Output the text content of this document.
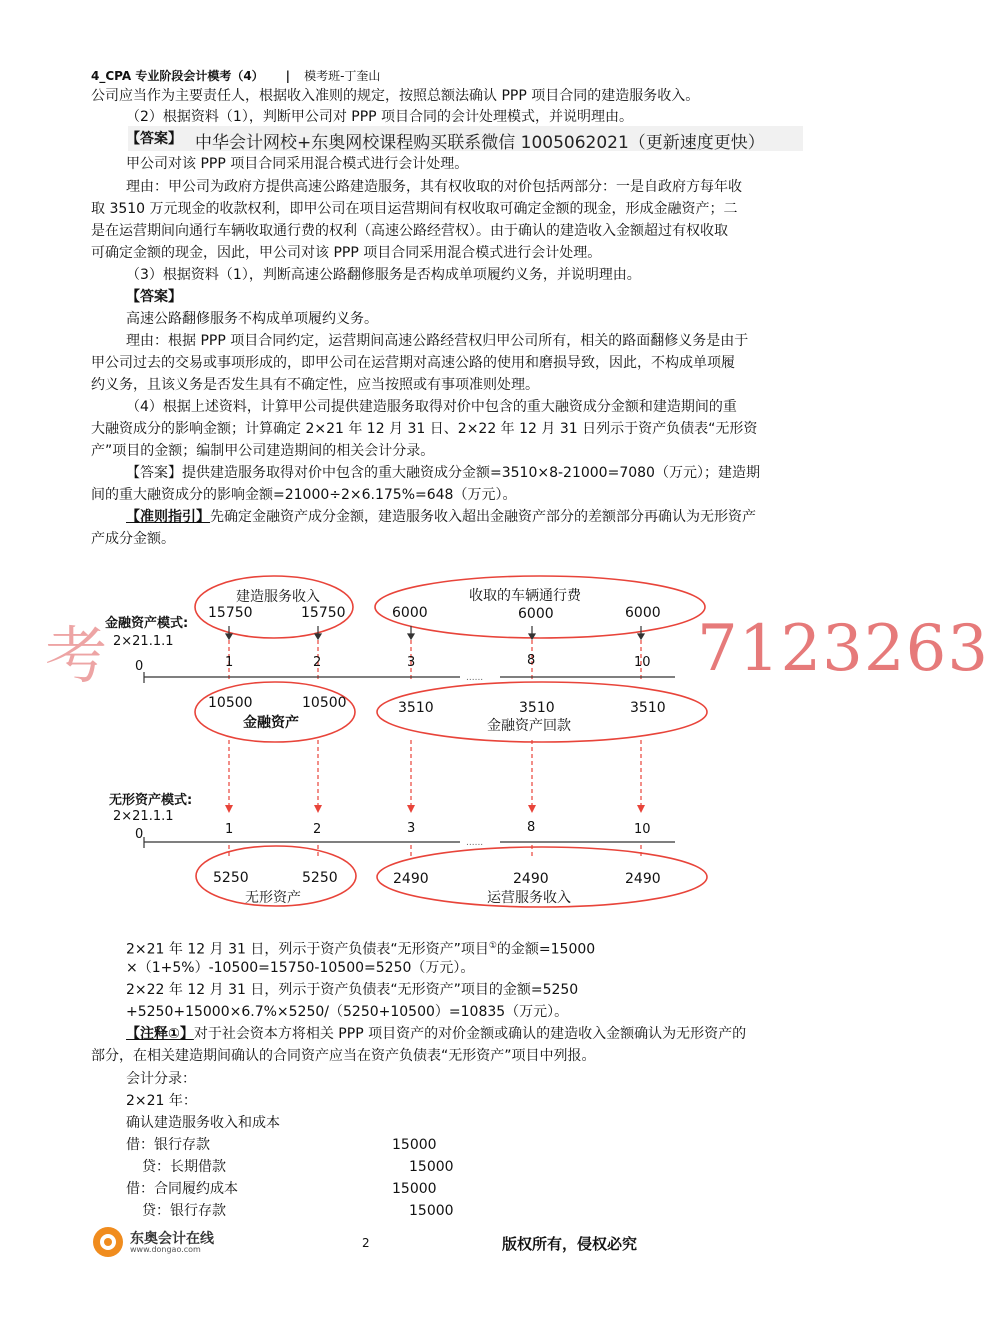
4_CPA 专业阶段会计模考（4） | 模考班-丁奎山
公司应当作为主要责任人，根据收入准则的规定，按照总额法确认 PPP 项目合同的建造服务收入。
（2）根据资料（1），判断甲公司对 PPP 项目合同的会计处理模式，并说明理由。
【答案】 中华会计网校+东奥网校课程购买联系微信 1005062021（更新速度更快）
甲公司对该 PPP 项目合同采用混合模式进行会计处理。
理由：甲公司为政府方提供高速公路建造服务，其有权收取的对价包括两部分：一是自政府方每年收
取 3510 万元现金的收款权利，即甲公司在项目运营期间有权收取可确定金额的现金，形成金融资产；二
是在运营期间向通行车辆收取通行费的权利（高速公路经营权）。由于确认的建造收入金额超过有权收取
可确定金额的现金，因此，甲公司对该 PPP 项目合同采用混合模式进行会计处理。
（3）根据资料（1），判断高速公路翻修服务是否构成单项履约义务，并说明理由。
【答案】
高速公路翻修服务不构成单项履约义务。
理由：根据 PPP 项目合同约定，运营期间高速公路经营权归甲公司所有，相关的路面翻修义务是由于
甲公司过去的交易或事项形成的，即甲公司在运营期对高速公路的使用和磨损导致，因此，不构成单项履
约义务，且该义务是否发生具有不确定性，应当按照或有事项准则处理。
（4）根据上述资料，计算甲公司提供建造服务取得对价中包含的重大融资成分金额和建造期间的重
大融资成分的影响金额；计算确定 2×21 年 12 月 31 日、2×22 年 12 月 31 日列示于资产负债表“无形资
产”项目的金额；编制甲公司建造期间的相关会计分录。
【答案】提供建造服务取得对价中包含的重大融资成分金额=3510×8-21000=7080（万元）；建造期
间的重大融资成分的影响金额=21000÷2×6.175%=648（万元）。
【准则指引】先确定金融资产成分金额，建造服务收入超出金融资产部分的差额部分再确认为无形资产
产成分金额。
考	7123263
金融资产模式:
2×21.1.1
0	1	2	3	8	10
......
建造服务收入
15750	15750
收取的车辆通行费
6000	6000	6000
10500	10500
金融资产
3510	3510	3510
金融资产回款
无形资产模式:
2×21.1.1
0	1	2	3	8	10
......
5250	5250
无形资产
2490	2490	2490
运营服务收入
2×21 年 12 月 31 日，列示于资产负债表“无形资产”项目①的金额=15000
×（1+5%）-10500=15750-10500=5250（万元）。
2×22 年 12 月 31 日，列示于资产负债表“无形资产”项目的金额=5250
+5250+15000×6.7%×5250/（5250+10500）=10835（万元）。
【注释①】对于社会资本方将相关 PPP 项目资产的对价金额或确认的建造收入金额确认为无形资产的
部分，在相关建造期间确认的合同资产应当在资产负债表“无形资产”项目中列报。
会计分录：
2×21 年：
确认建造服务收入和成本
借：银行存款	15000
贷：长期借款	15000
借：合同履约成本	15000
贷：银行存款	15000
东奥会计在线
www.dongao.com	2	版权所有，侵权必究
